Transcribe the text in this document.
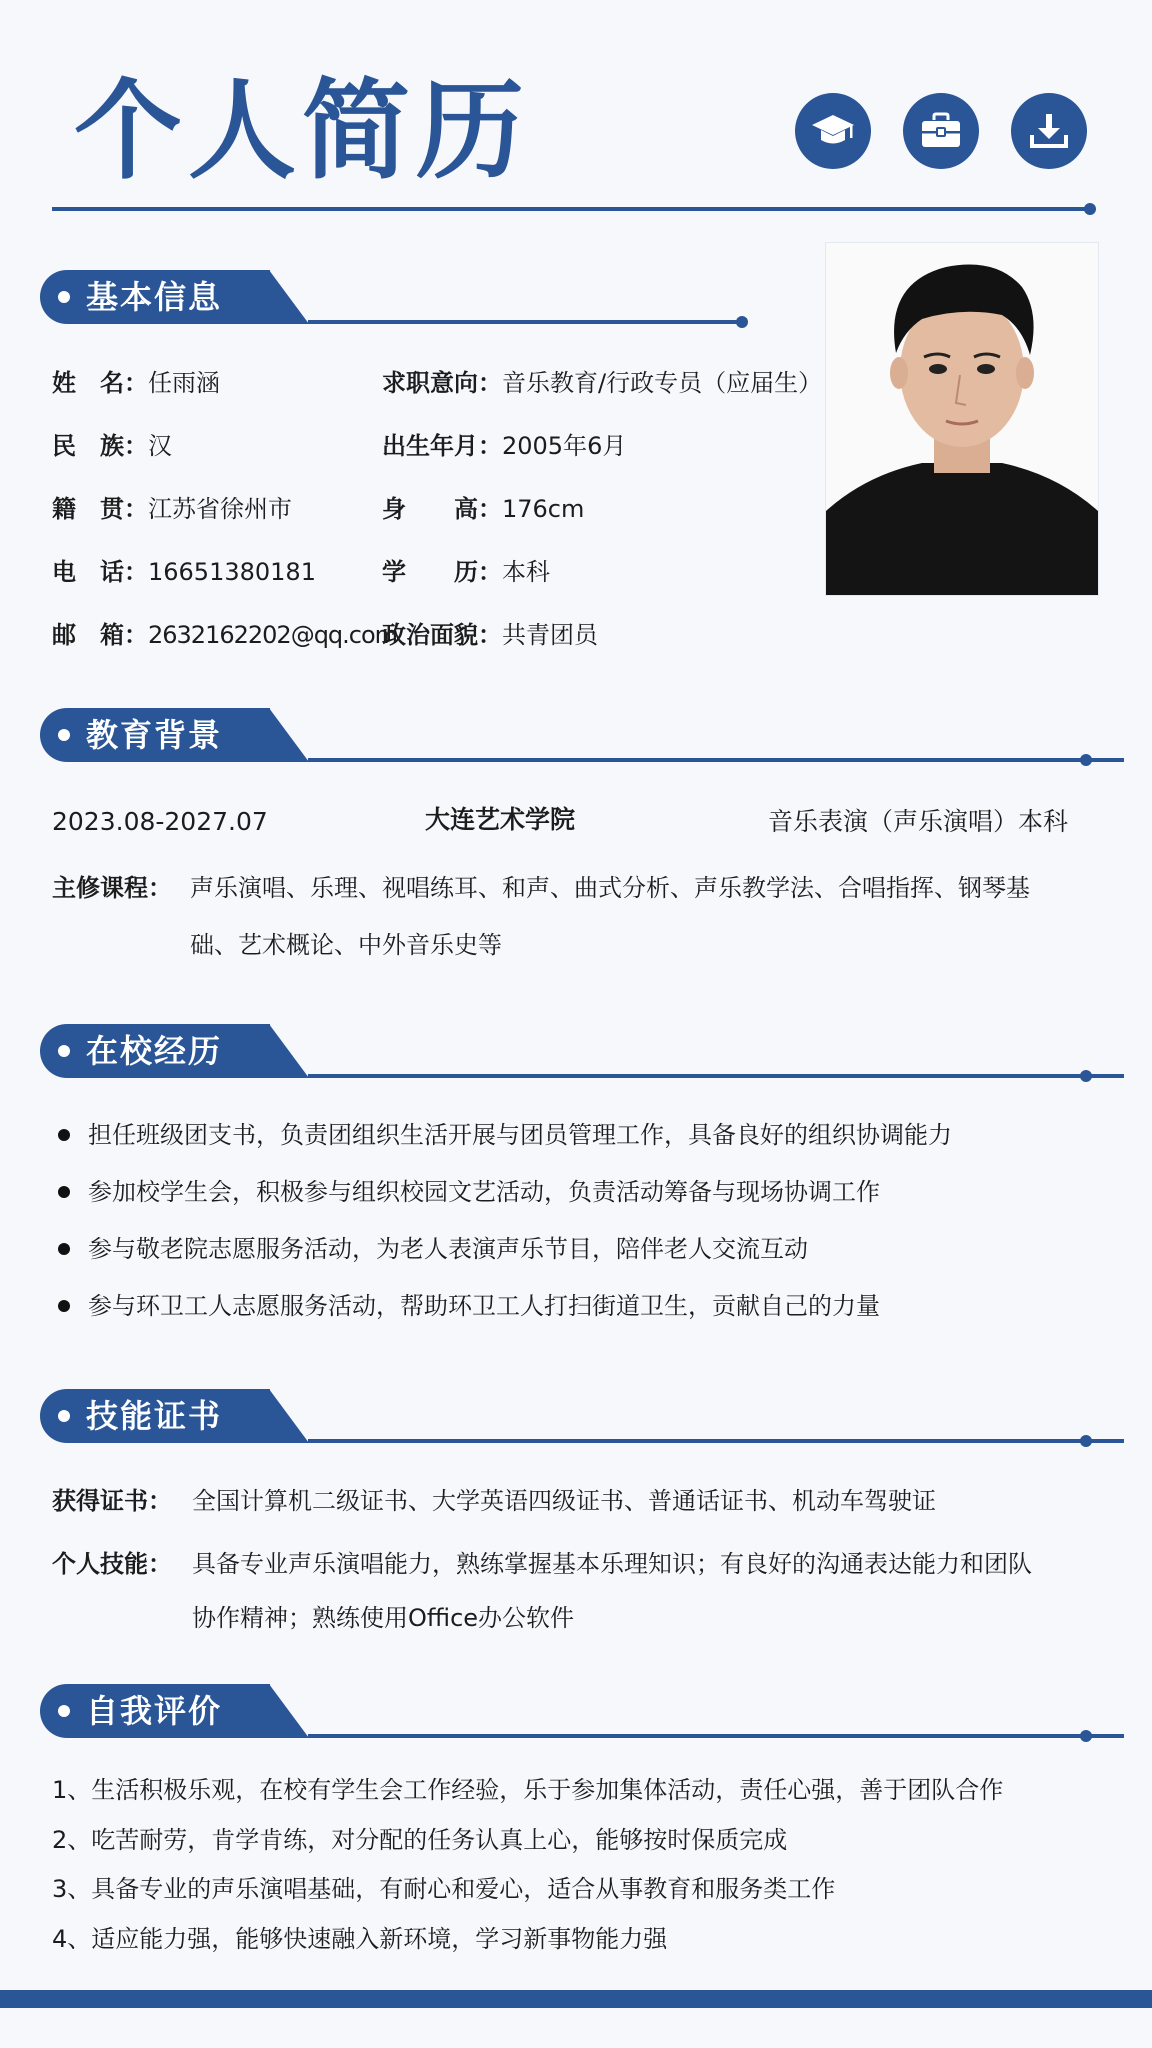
个人简历
基本信息
姓　名：任雨涵
民　族：汉
籍　贯：江苏省徐州市
电　话：16651380181
邮　箱：2632162202@qq.com
求职意向：音乐教育/行政专员（应届生）
出生年月：2005年6月
身　　高：176cm
学　　历：本科
政治面貌：共青团员
教育背景
2023.08-2027.07	大连艺术学院	音乐表演（声乐演唱）本科
主修课程： 声乐演唱、乐理、视唱练耳、和声、曲式分析、声乐教学法、合唱指挥、钢琴基
础、艺术概论、中外音乐史等
在校经历
担任班级团支书，负责团组织生活开展与团员管理工作，具备良好的组织协调能力
参加校学生会，积极参与组织校园文艺活动，负责活动筹备与现场协调工作
参与敬老院志愿服务活动，为老人表演声乐节目，陪伴老人交流互动
参与环卫工人志愿服务活动，帮助环卫工人打扫街道卫生，贡献自己的力量
技能证书
获得证书： 全国计算机二级证书、大学英语四级证书、普通话证书、机动车驾驶证
个人技能： 具备专业声乐演唱能力，熟练掌握基本乐理知识；有良好的沟通表达能力和团队
协作精神；熟练使用Office办公软件
自我评价
1、生活积极乐观，在校有学生会工作经验，乐于参加集体活动，责任心强，善于团队合作
2、吃苦耐劳，肯学肯练，对分配的任务认真上心，能够按时保质完成
3、具备专业的声乐演唱基础，有耐心和爱心，适合从事教育和服务类工作
4、适应能力强，能够快速融入新环境，学习新事物能力强
